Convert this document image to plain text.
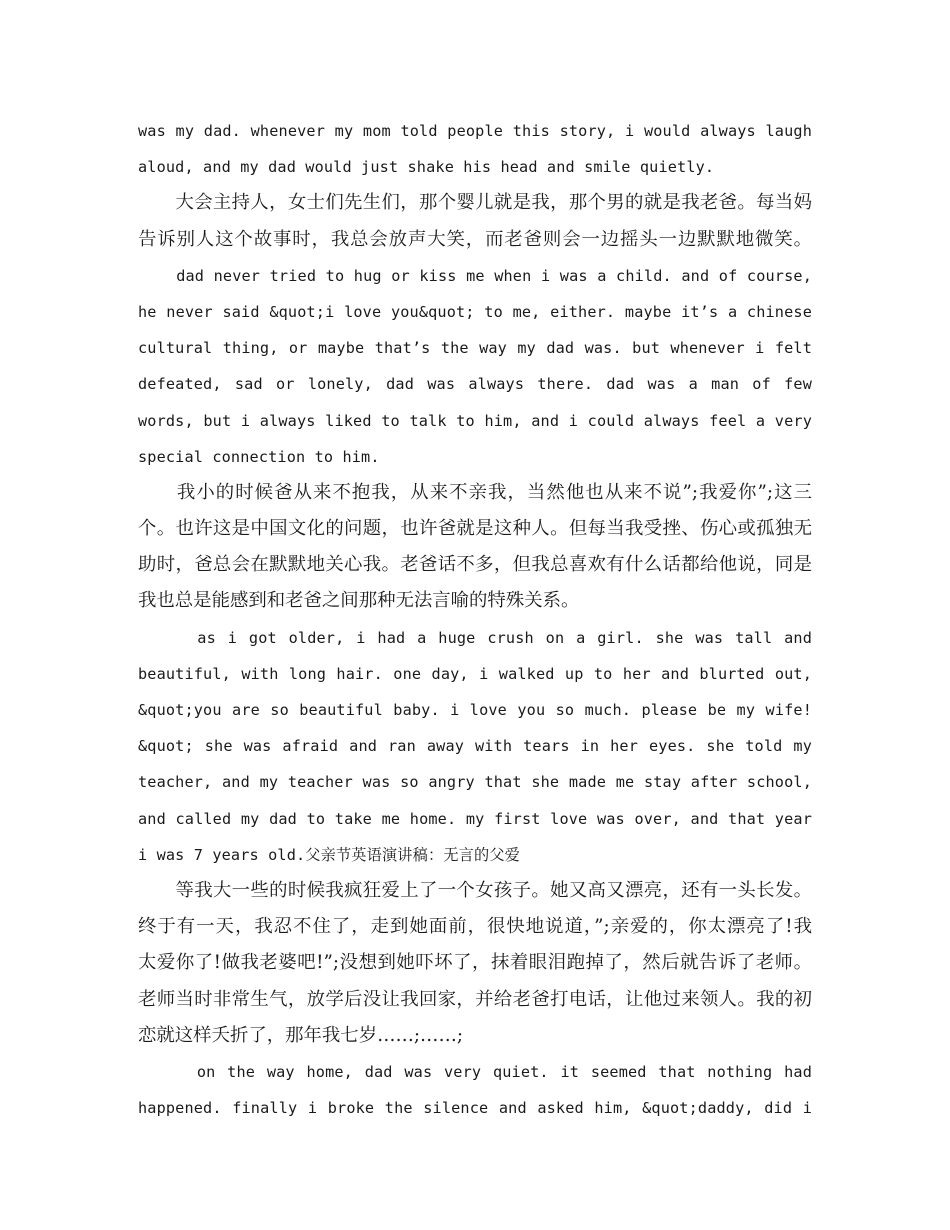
was my dad. whenever my mom told people this story, i would always laugh
aloud, and my dad would just shake his head and smile quietly.
　　大会主持人，女士们先生们，那个婴儿就是我，那个男的就是我老爸。每当妈
告诉别人这个故事时，我总会放声大笑，而老爸则会一边摇头一边默默地微笑。
dad never tried to hug or kiss me when i was a child. and of course,
he never said &quot;i love you&quot; to me, either. maybe it’s a chinese
cultural thing, or maybe that’s the way my dad was. but whenever i felt
defeated, sad or lonely, dad was always there. dad was a man of few
words, but i always liked to talk to him, and i could always feel a very
special connection to him.
　　我小的时候爸从来不抱我，从来不亲我，当然他也从来不说”;我爱你”;这三
个。也许这是中国文化的问题，也许爸就是这种人。但每当我受挫、伤心或孤独无
助时，爸总会在默默地关心我。老爸话不多，但我总喜欢有什么话都给他说，同是
我也总是能感到和老爸之间那种无法言喻的特殊关系。
as i got older, i had a huge crush on a girl. she was tall and
beautiful, with long hair. one day, i walked up to her and blurted out,
&quot;you are so beautiful baby. i love you so much. please be my wife!
&quot; she was afraid and ran away with tears in her eyes. she told my
teacher, and my teacher was so angry that she made me stay after school,
and called my dad to take me home. my first love was over, and that year
i was 7 years old.父亲节英语演讲稿：无言的父爱
　　等我大一些的时候我疯狂爱上了一个女孩子。她又高又漂亮，还有一头长发。
终于有一天，我忍不住了，走到她面前，很快地说道，”;亲爱的，你太漂亮了!我
太爱你了!做我老婆吧!”;没想到她吓坏了，抹着眼泪跑掉了，然后就告诉了老师。
老师当时非常生气，放学后没让我回家，并给老爸打电话，让他过来领人。我的初
恋就这样夭折了，那年我七岁……;……;
on the way home, dad was very quiet. it seemed that nothing had
happened. finally i broke the silence and asked him, &quot;daddy, did i
